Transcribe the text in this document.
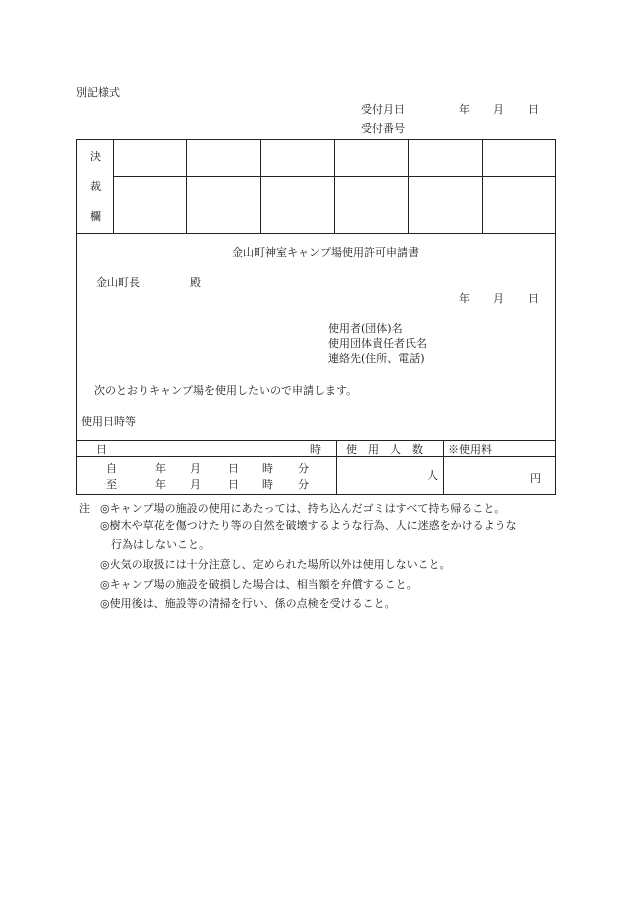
別記様式
受付月日	年 月 日
受付番号
決
裁
欄
金山町神室キャンプ場使用許可申請書
金山町長	殿
年 月 日
使用者(団体)名
使用団体責任者氏名
連絡先(住所、電話)
次のとおりキャンプ場を使用したいので申請します。
使用日時等
日	時 使　用　人　数 ※使用料
自	年 月 日 時 分
至	年 月 日 時 分
人	円
注 ◎キャンプ場の施設の使用にあたっては、持ち込んだゴミはすべて持ち帰ること。
◎樹木や草花を傷つけたり等の自然を破壊するような行為、人に迷惑をかけるような
行為はしないこと。
◎火気の取扱には十分注意し、定められた場所以外は使用しないこと。
◎キャンプ場の施設を破損した場合は、相当額を弁償すること。
◎使用後は、施設等の清掃を行い、係の点検を受けること。
